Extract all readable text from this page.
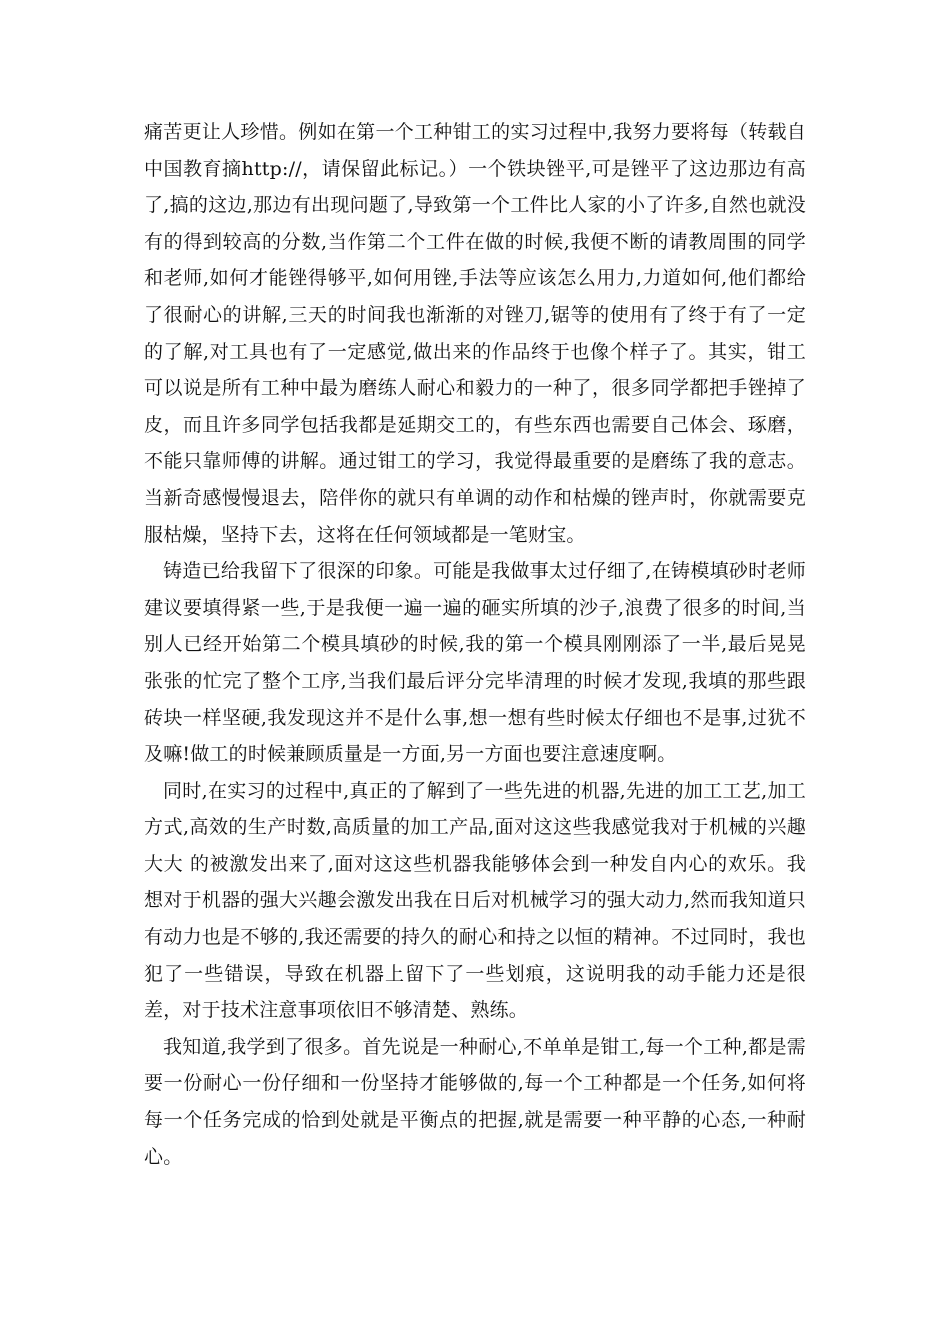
痛苦更让人珍惜。例如在第一个工种钳工的实习过程中,我努力要将每（转载自中国教育摘http://，请保留此标记。）一个铁块锉平,可是锉平了这边那边有高了,搞的这边,那边有出现问题了,导致第一个工件比人家的小了许多,自然也就没有的得到较高的分数,当作第二个工件在做的时候,我便不断的请教周围的同学和老师,如何才能锉得够平,如何用锉,手法等应该怎么用力,力道如何,他们都给了很耐心的讲解,三天的时间我也渐渐的对锉刀,锯等的使用有了终于有了一定的了解,对工具也有了一定感觉,做出来的作品终于也像个样子了。其实，钳工可以说是所有工种中最为磨练人耐心和毅力的一种了，很多同学都把手锉掉了皮，而且许多同学包括我都是延期交工的，有些东西也需要自己体会、琢磨，不能只靠师傅的讲解。通过钳工的学习，我觉得最重要的是磨练了我的意志。当新奇感慢慢退去，陪伴你的就只有单调的动作和枯燥的锉声时，你就需要克服枯燥，坚持下去，这将在任何领域都是一笔财宝。

铸造已给我留下了很深的印象。可能是我做事太过仔细了,在铸模填砂时老师建议要填得紧一些,于是我便一遍一遍的砸实所填的沙子,浪费了很多的时间,当别人已经开始第二个模具填砂的时候,我的第一个模具刚刚添了一半,最后晃晃张张的忙完了整个工序,当我们最后评分完毕清理的时候才发现,我填的那些跟砖块一样坚硬,我发现这并不是什么事,想一想有些时候太仔细也不是事,过犹不及嘛!做工的时候兼顾质量是一方面,另一方面也要注意速度啊。

同时,在实习的过程中,真正的了解到了一些先进的机器,先进的加工工艺,加工方式,高效的生产时数,高质量的加工产品,面对这这些我感觉我对于机械的兴趣大大 的被激发出来了,面对这这些机器我能够体会到一种发自内心的欢乐。我想对于机器的强大兴趣会激发出我在日后对机械学习的强大动力,然而我知道只有动力也是不够的,我还需要的持久的耐心和持之以恒的精神。不过同时，我也犯了一些错误，导致在机器上留下了一些划痕，这说明我的动手能力还是很差，对于技术注意事项依旧不够清楚、熟练。

我知道,我学到了很多。首先说是一种耐心,不单单是钳工,每一个工种,都是需要一份耐心一份仔细和一份坚持才能够做的,每一个工种都是一个任务,如何将每一个任务完成的恰到处就是平衡点的把握,就是需要一种平静的心态,一种耐心。
